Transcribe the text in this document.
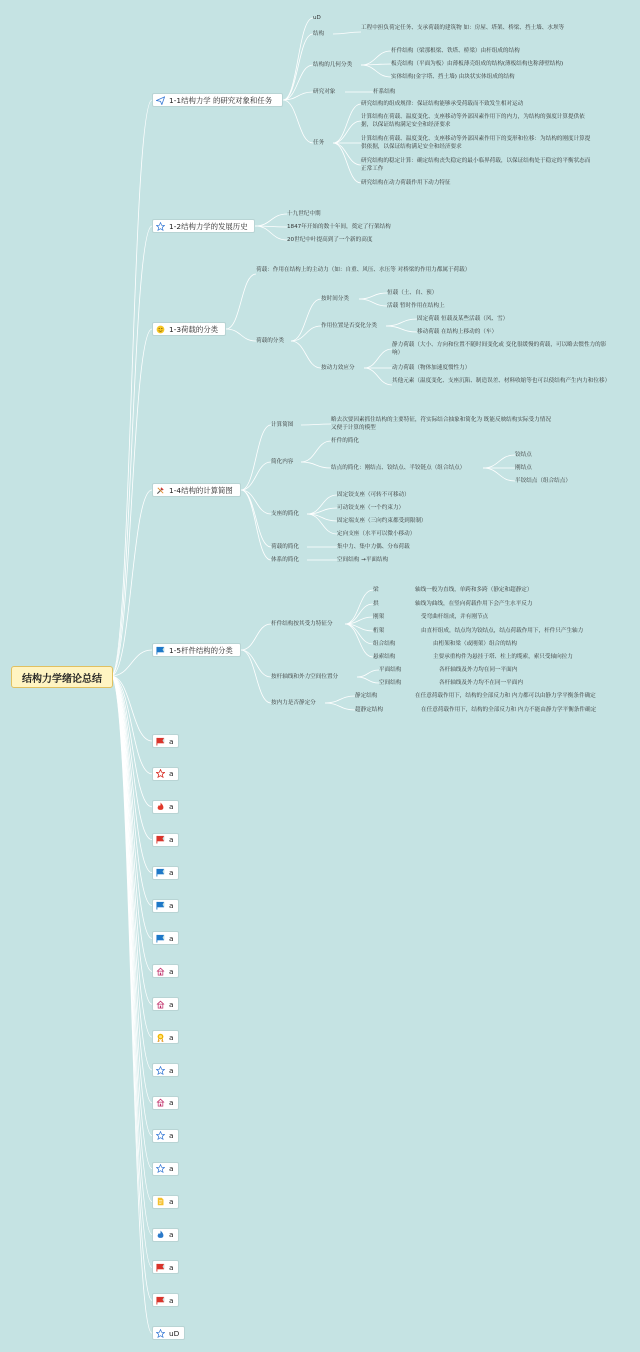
结构力学绪论总结
1-1结构力学 的研究对象和任务
1-2结构力学的发展历史
1-3荷载的分类
1-4结构的计算简图
1-5杆件结构的分类
a
a
a
a
a
a
a
a
a
a
a
a
a
a
a
a
a
a
uD
uD
结构
工程中担负荷定任务、支承荷载的建筑物 如：房屋、塔架、桥梁、挡土墙、水坝等
结构的几何分类
杆件结构（梁那根梁、铁塔、桥梁）由杆组成的结构
板壳结构（平面为板）由薄板薄壳组成的结构(薄板结构也称薄壁结构)
实体结构(金字塔、挡土墙) 由块状实体组成的结构
研究对象	杆系结构
任务
研究结构的组成规律：保证结构能够承受荷载而不致发生相对运动
计算结构在荷载、温度变化、支座移动等外部因素作用下的内力，为结构的强度计算提供依据，以保证结构满足安全和经济要求
计算结构在荷载、温度变化、支座移动等外部因素作用下的变形和位移：为结构的刚度计算提供依据，以保证结构满足安全和经济要求
研究结构的稳定计算：确定结构丧失稳定的最小临界荷载，以保证结构处于稳定的平衡状态而正常工作
研究结构在动力荷载作用下动力特征
十九世纪中期
1847年开始的数十年间，奠定了行架结构
20世纪中叶提高到了一个新的高度
荷载：作用在结构上的主动力（如：自重、风压、水压等 对桥梁的作用力都属于荷载）
荷载的分类
按时间分类
恒载（土、自、预）
活载 暂时作用在结构上
作用位置是否变化分类
固定荷载 恒载及某些活载（风、雪）
移动荷载 在结构上移动的（车）
按动力效应分
静力荷载（大小、方向和位置不随时间变化或 变化很缓慢的荷载，可以略去惯性力的影响）
动力荷载（物体加速度惯性力）
其他元素（温度变化、支座沉陷、制造误差、材料收缩等也可以使结构产生内力和位移）
计算简图
略去次要因素抓住结构的主要特征，符实际结合抽象和简化为 既能反映结构实际受力情况又便于计算的模型
简化内容
杆件的简化
结点的简化：刚结点、铰结点、半铰链点（组合结点）
铰结点
刚结点
半铰结点（组合结点）
支座的简化
固定铰支座（可转不可移动）
可动铰支座（一个约束力）
固定端支座（三向约束都受到限制）
定向支座（水平可以微小移动）
荷载的简化	集中力、集中力偶、分布荷载
体系的简化	空间结构 →平面结构
杆件结构按其受力特征分
梁	轴线一般为直线，单跨和多跨（静定和超静定）
拱	轴线为曲线，在竖向荷载作用下会产生水平反力
刚架	受弯曲杆组成，并有刚节点
桁架	由直杆组成，结点均为铰结点，结点荷载作用下，杆件只产生轴力
组合结构	由桁架和梁（或刚架）组合的结构
悬索结构	主要承重构件为悬挂于塔、柱上的缆索，索只受轴向拉力
按杆轴线和外力空间位置分
平面结构	各杆轴线及外力均在同一平面内
空间结构	各杆轴线及外力均不在同一平面内
按内力是否静定分
静定结构	在任意荷载作用下，结构的全部反力和 内力都可以由静力学平衡条件确定
超静定结构	在任意荷载作用下，结构的全部反力和 内力不能由静力学平衡条件确定
